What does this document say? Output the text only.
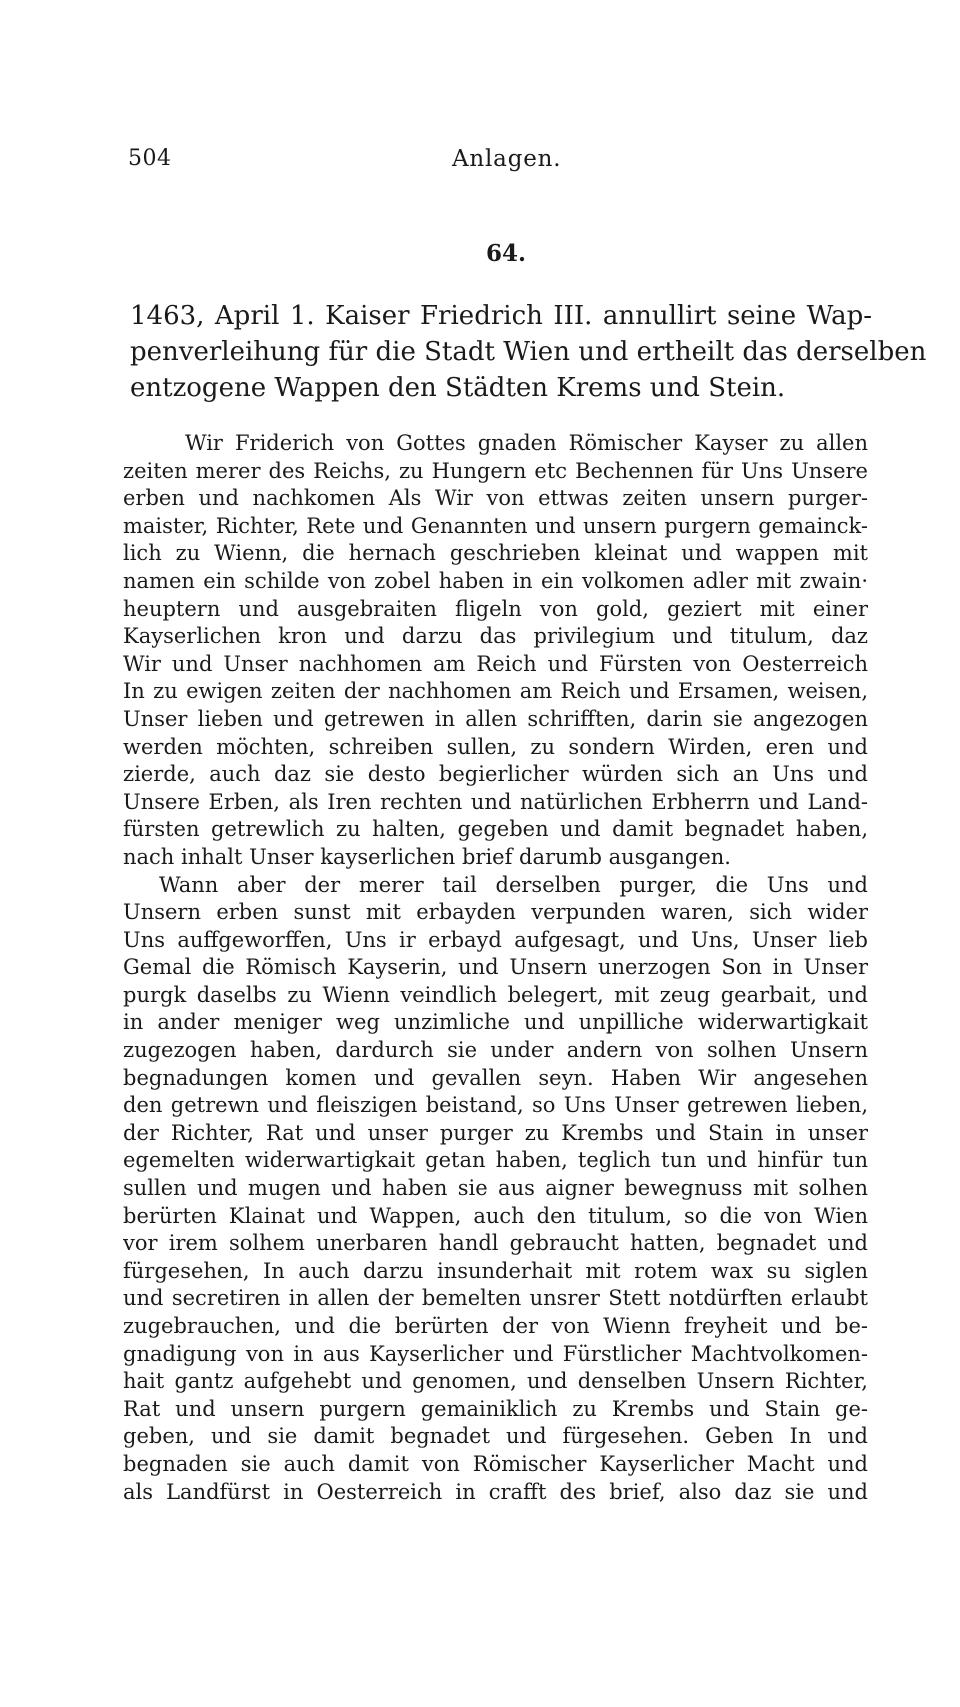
504	Anlagen.
64.
1463, April 1. Kaiser Friedrich III. annullirt seine Wap-
penverleihung für die Stadt Wien und ertheilt das derselben
entzogene Wappen den Städten Krems und Stein.
Wir Friderich von Gottes gnaden Römischer Kayser zu allen
zeiten merer des Reichs, zu Hungern etc Bechennen für Uns Unsere
erben und nachkomen Als Wir von ettwas zeiten unsern purger-
maister, Richter, Rete und Genannten und unsern purgern gemainck-
lich zu Wienn, die hernach geschrieben kleinat und wappen mit
namen ein schilde von zobel haben in ein volkomen adler mit zwain·
heuptern und ausgebraiten fligeln von gold, geziert mit einer
Kayserlichen kron und darzu das privilegium und titulum, daz
Wir und Unser nachhomen am Reich und Fürsten von Oesterreich
In zu ewigen zeiten der nachhomen am Reich und Ersamen, weisen,
Unser lieben und getrewen in allen schrifften, darin sie angezogen
werden möchten, schreiben sullen, zu sondern Wirden, eren und
zierde, auch daz sie desto begierlicher würden sich an Uns und
Unsere Erben, als Iren rechten und natürlichen Erbherrn und Land-
fürsten getrewlich zu halten, gegeben und damit begnadet haben,
nach inhalt Unser kayserlichen brief darumb ausgangen.
Wann aber der merer tail derselben purger, die Uns und
Unsern erben sunst mit erbayden verpunden waren, sich wider
Uns auffgeworffen, Uns ir erbayd aufgesagt, und Uns, Unser lieb
Gemal die Römisch Kayserin, und Unsern unerzogen Son in Unser
purgk daselbs zu Wienn veindlich belegert, mit zeug gearbait, und
in ander meniger weg unzimliche und unpilliche widerwartigkait
zugezogen haben, dardurch sie under andern von solhen Unsern
begnadungen komen und gevallen seyn. Haben Wir angesehen
den getrewn und fleiszigen beistand, so Uns Unser getrewen lieben,
der Richter, Rat und unser purger zu Krembs und Stain in unser
egemelten widerwartigkait getan haben, teglich tun und hinfür tun
sullen und mugen und haben sie aus aigner bewegnuss mit solhen
berürten Klainat und Wappen, auch den titulum, so die von Wien
vor irem solhem unerbaren handl gebraucht hatten, begnadet und
fürgesehen, In auch darzu insunderhait mit rotem wax su siglen
und secretiren in allen der bemelten unsrer Stett notdürften erlaubt
zugebrauchen, und die berürten der von Wienn freyheit und be-
gnadigung von in aus Kayserlicher und Fürstlicher Machtvolkomen-
hait gantz aufgehebt und genomen, und denselben Unsern Richter,
Rat und unsern purgern gemainiklich zu Krembs und Stain ge-
geben, und sie damit begnadet und fürgesehen. Geben In und
begnaden sie auch damit von Römischer Kayserlicher Macht und
als Landfürst in Oesterreich in crafft des brief, also daz sie und
